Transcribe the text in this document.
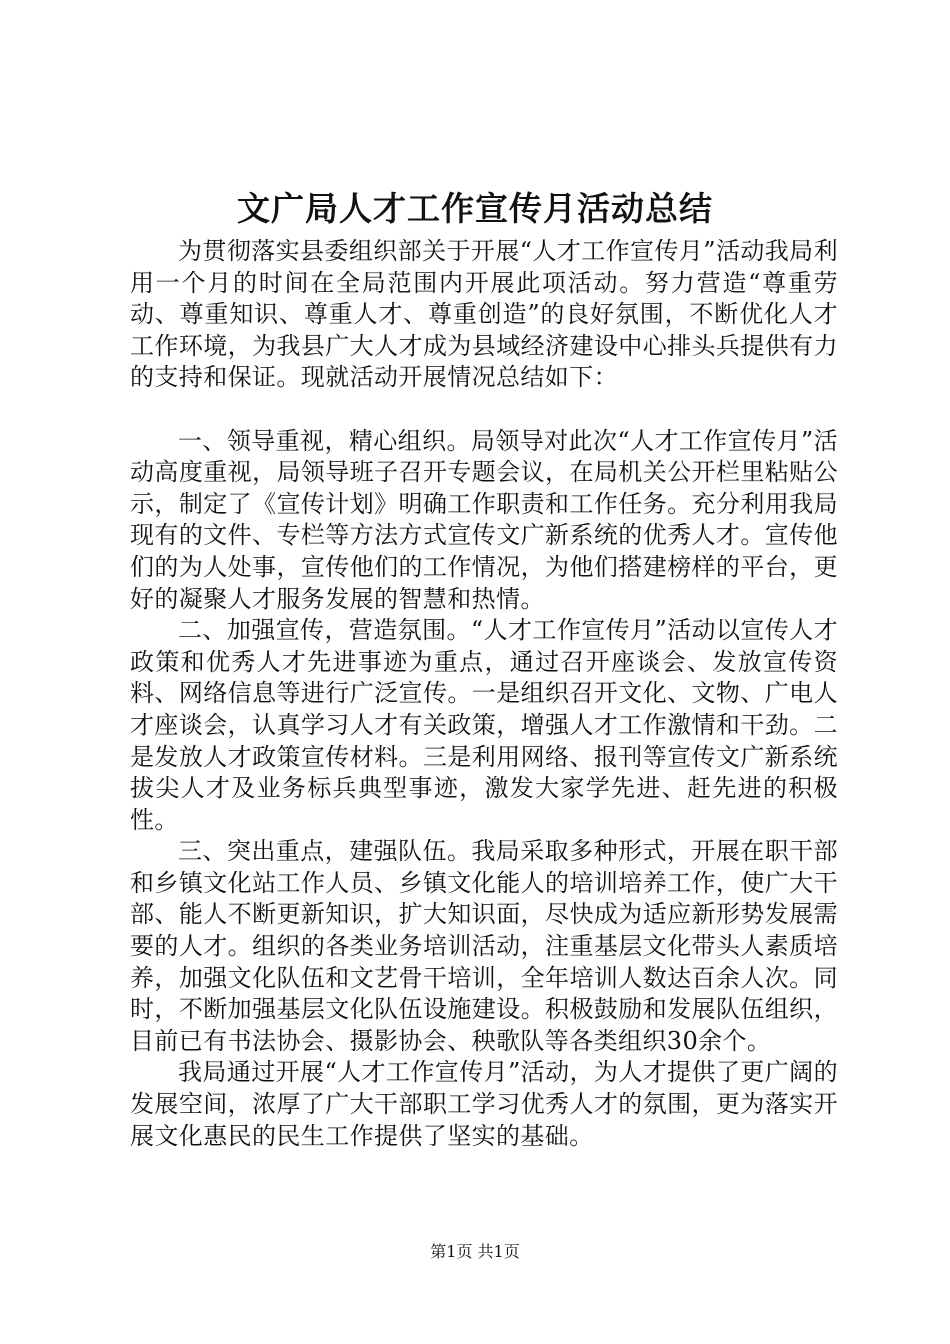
文广局人才工作宣传月活动总结

为贯彻落实县委组织部关于开展“人才工作宣传月”活动我局利用一个月的时间在全局范围内开展此项活动。努力营造“尊重劳动、尊重知识、尊重人才、尊重创造”的良好氛围，不断优化人才工作环境，为我县广大人才成为县域经济建设中心排头兵提供有力的支持和保证。现就活动开展情况总结如下：

一、领导重视，精心组织。局领导对此次“人才工作宣传月”活动高度重视，局领导班子召开专题会议，在局机关公开栏里粘贴公示，制定了《宣传计划》明确工作职责和工作任务。充分利用我局现有的文件、专栏等方法方式宣传文广新系统的优秀人才。宣传他们的为人处事，宣传他们的工作情况，为他们搭建榜样的平台，更好的凝聚人才服务发展的智慧和热情。

二、加强宣传，营造氛围。“人才工作宣传月”活动以宣传人才政策和优秀人才先进事迹为重点，通过召开座谈会、发放宣传资料、网络信息等进行广泛宣传。一是组织召开文化、文物、广电人才座谈会，认真学习人才有关政策，增强人才工作激情和干劲。二是发放人才政策宣传材料。三是利用网络、报刊等宣传文广新系统拔尖人才及业务标兵典型事迹，激发大家学先进、赶先进的积极性。

三、突出重点，建强队伍。我局采取多种形式，开展在职干部和乡镇文化站工作人员、乡镇文化能人的培训培养工作，使广大干部、能人不断更新知识，扩大知识面，尽快成为适应新形势发展需要的人才。组织的各类业务培训活动，注重基层文化带头人素质培养，加强文化队伍和文艺骨干培训，全年培训人数达百余人次。同时，不断加强基层文化队伍设施建设。积极鼓励和发展队伍组织，目前已有书法协会、摄影协会、秧歌队等各类组织30余个。

我局通过开展“人才工作宣传月”活动，为人才提供了更广阔的发展空间，浓厚了广大干部职工学习优秀人才的氛围，更为落实开展文化惠民的民生工作提供了坚实的基础。

第1页 共1页
